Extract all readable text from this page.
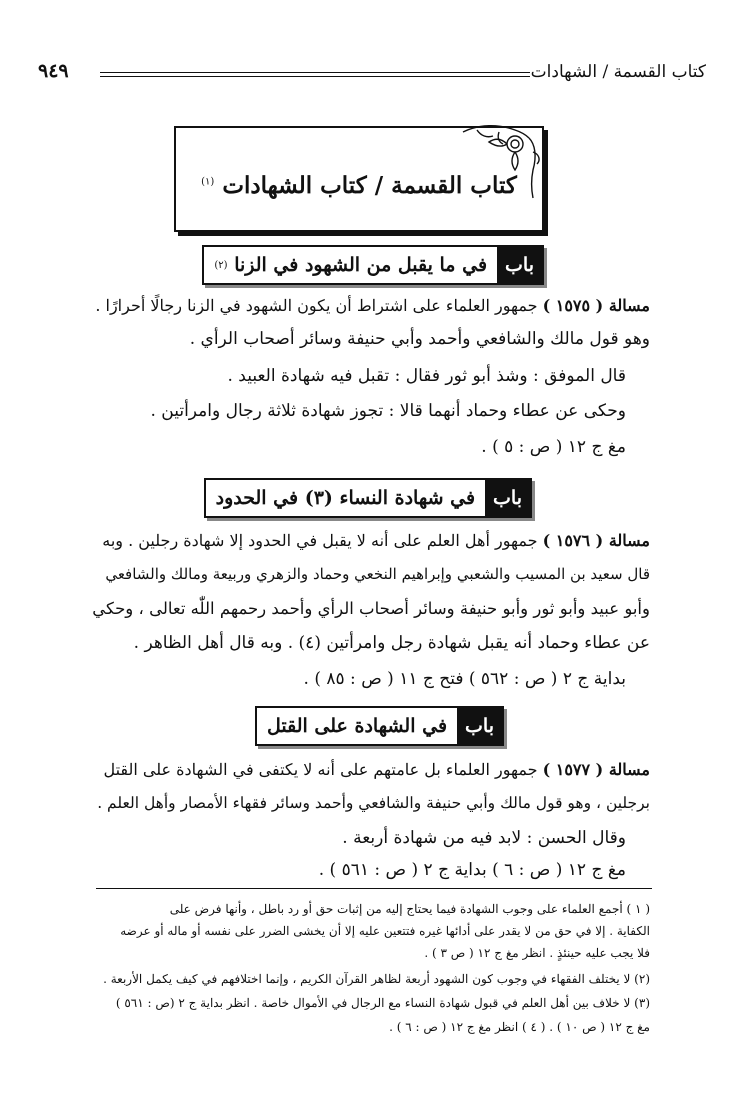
كتاب القسمة / الشهادات
٩٤٩
كتاب القسمة / كتاب الشهادات $^{(١)}$
باب
في ما يقبل من الشهود في الزنا

(٢)
مسالة ( ١٥٧٥ ) جمهور العلماء على اشتراط أن يكون الشهود في الزنا رجالًا أحرارًا .
وهو قول مالك والشافعي وأحمد وأبي حنيفة وسائر أصحاب الرأي .
قال الموفق : وشذ أبو ثور فقال : تقبل فيه شهادة العبيد .
وحكى عن عطاء وحماد أنهما قالا : تجوز شهادة ثلاثة رجال وامرأتين .
مغ ج ١٢ ( ص : ٥ ) .
باب
في شهادة النساء (٣) في الحدود
مسالة ( ١٥٧٦ ) جمهور أهل العلم على أنه لا يقبل في الحدود إلا شهادة رجلين . وبه
قال سعيد بن المسيب والشعبي وإبراهيم النخعي وحماد والزهري وربيعة ومالك والشافعي
وأبو عبيد وأبو ثور وأبو حنيفة وسائر أصحاب الرأي وأحمد رحمهم اللّٰه تعالى ، وحكي
عن عطاء وحماد أنه يقبل شهادة رجل وامرأتين (٤) . وبه قال أهل الظاهر .
بداية ج ٢ ( ص : ٥٦٢ ) فتح ج ١١ ( ص : ٨٥ ) .
باب
في الشهادة على القتل
مسالة ( ١٥٧٧ ) جمهور العلماء بل عامتهم على أنه لا يكتفى في الشهادة على القتل
برجلين ، وهو قول مالك وأبي حنيفة والشافعي وأحمد وسائر فقهاء الأمصار وأهل العلم .
وقال الحسن : لابد فيه من شهادة أربعة .
مغ ج ١٢ ( ص : ٦ ) بداية ج ٢ ( ص : ٥٦١ ) .
( ١ ) أجمع العلماء على وجوب الشهادة فيما يحتاج إليه من إثبات حق أو رد باطل ، وأنها فرض على
الكفاية . إلا في حق من لا يقدر على أدائها غيره فتتعين عليه إلا أن يخشى الضرر على نفسه أو ماله أو عرضه
فلا يجب عليه حينئذٍ . انظر مغ ج ١٢ ( ص ٣ ) .
(٢) لا يختلف الفقهاء في وجوب كون الشهود أربعة لظاهر القرآن الكريم ، وإنما اختلافهم في كيف يكمل الأربعة .
(٣) لا خلاف بين أهل العلم في قبول شهادة النساء مع الرجال في الأموال خاصة . انظر بداية ج ٢ (ص : ٥٦١ )
مغ ج ١٢ ( ص ١٠ ) . ( ٤ ) انظر مغ ج ١٢ ( ص : ٦ ) .
